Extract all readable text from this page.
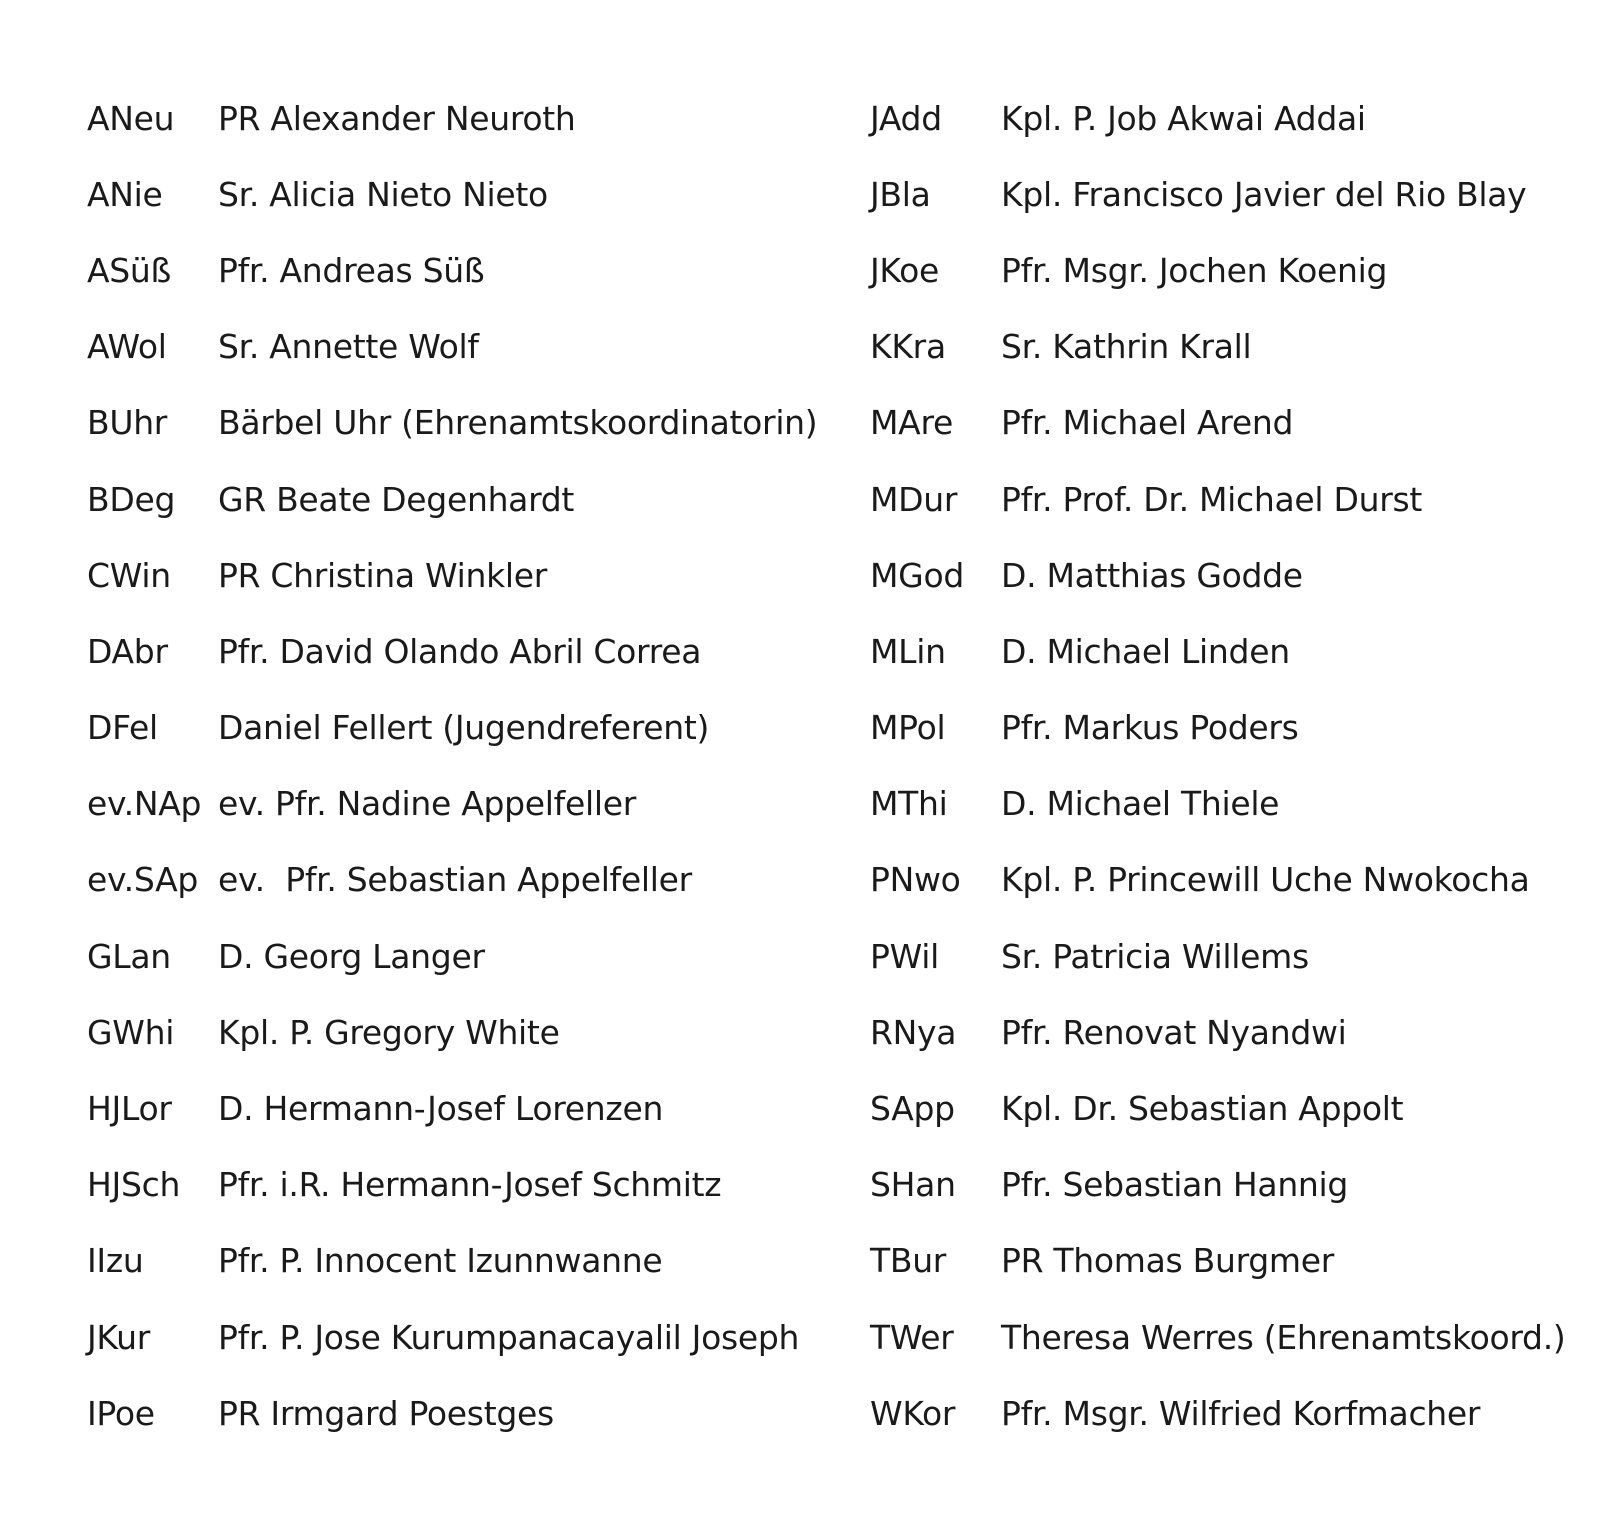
ANeu	PR Alexander Neuroth
ANie	Sr. Alicia Nieto Nieto
ASüß	Pfr. Andreas Süß
AWol	Sr. Annette Wolf
BUhr	Bärbel Uhr (Ehrenamtskoordinatorin)
BDeg	GR Beate Degenhardt
CWin	PR Christina Winkler
DAbr	Pfr. David Olando Abril Correa
DFel	Daniel Fellert (Jugendreferent)
ev.NAp ev. Pfr. Nadine Appelfeller
ev.SAp ev.  Pfr. Sebastian Appelfeller
GLan	D. Georg Langer
GWhi	Kpl. P. Gregory White
HJLor	D. Hermann-Josef Lorenzen
HJSch	Pfr. i.R. Hermann-Josef Schmitz
IIzu	Pfr. P. Innocent Izunnwanne
JKur	Pfr. P. Jose Kurumpanacayalil Joseph
IPoe	PR Irmgard Poestges
JAdd	Kpl. P. Job Akwai Addai
JBla	Kpl. Francisco Javier del Rio Blay
JKoe	Pfr. Msgr. Jochen Koenig
KKra	Sr. Kathrin Krall
MAre	Pfr. Michael Arend
MDur	Pfr. Prof. Dr. Michael Durst
MGod	D. Matthias Godde
MLin	D. Michael Linden
MPol	Pfr. Markus Poders
MThi	D. Michael Thiele
PNwo	Kpl. P. Princewill Uche Nwokocha
PWil	Sr. Patricia Willems
RNya	Pfr. Renovat Nyandwi
SApp	Kpl. Dr. Sebastian Appolt
SHan	Pfr. Sebastian Hannig
TBur	PR Thomas Burgmer
TWer	Theresa Werres (Ehrenamtskoord.)
WKor	Pfr. Msgr. Wilfried Korfmacher
